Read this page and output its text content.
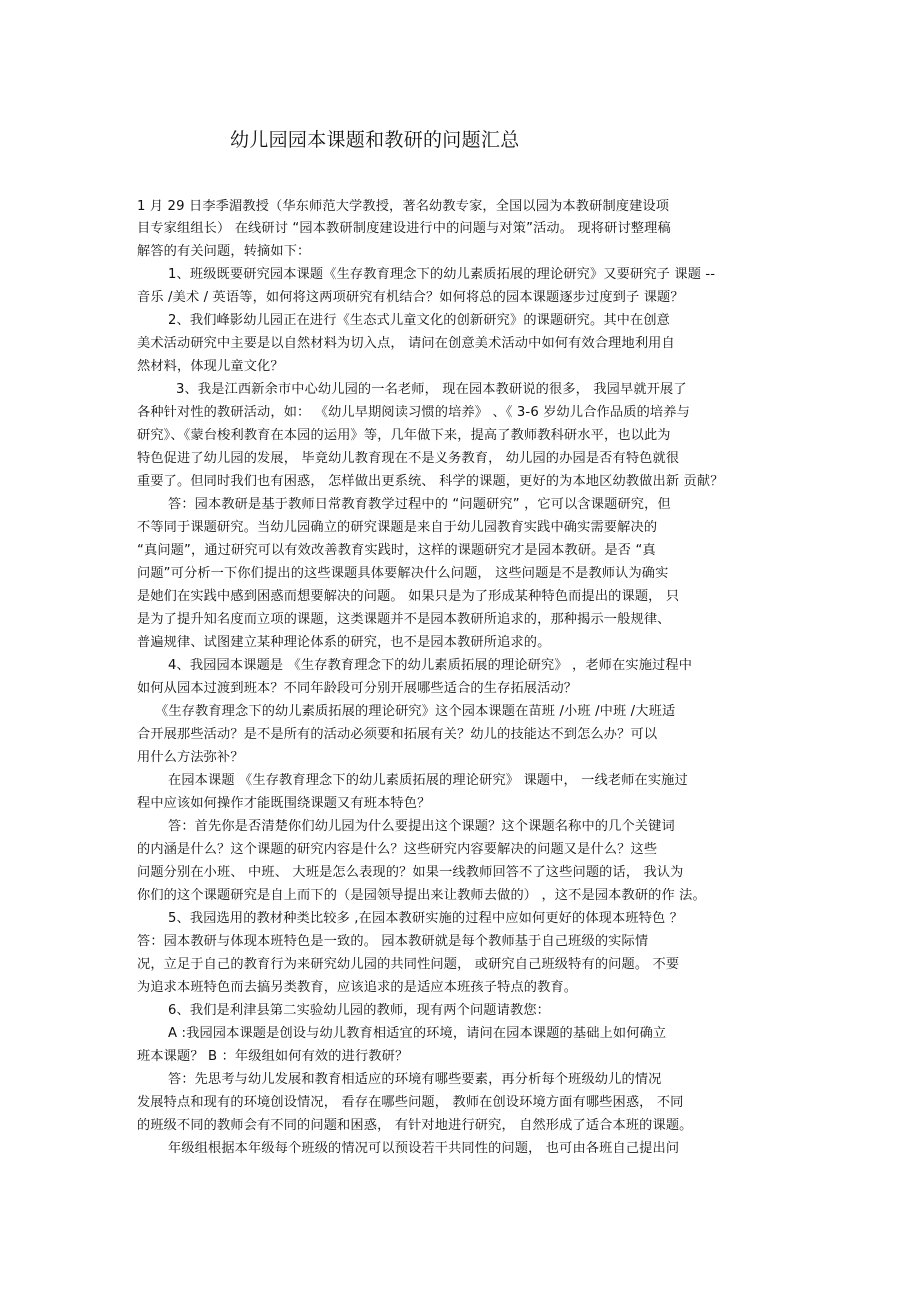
幼儿园园本课题和教研的问题汇总
1 月 29 日李季湄教授（华东师范大学教授，著名幼教专家，全国以园为本教研制度建设项
目专家组组长） 在线研讨 “园本教研制度建设进行中的问题与对策”活动。 现将研讨整理稿
解答的有关问题，转摘如下：
1、班级既要研究园本课题《生存教育理念下的幼儿素质拓展的理论研究》又要研究子 课题 --
音乐 /美术 / 英语等，如何将这两项研究有机结合？如何将总的园本课题逐步过度到子 课题？
2、我们峰影幼儿园正在进行《生态式儿童文化的创新研究》的课题研究。其中在创意
美术活动研究中主要是以自然材料为切入点， 请问在创意美术活动中如何有效合理地利用自
然材料，体现儿童文化？
3、我是江西新余市中心幼儿园的一名老师， 现在园本教研说的很多， 我园早就开展了
各种针对性的教研活动，如： 《幼儿早期阅读习惯的培养》 、《 3-6 岁幼儿合作品质的培养与
研究》、《蒙台梭利教育在本园的运用》等，几年做下来，提高了教师教科研水平，也以此为
特色促进了幼儿园的发展， 毕竟幼儿教育现在不是义务教育， 幼儿园的办园是否有特色就很
重要了。但同时我们也有困惑， 怎样做出更系统、 科学的课题，更好的为本地区幼教做出新 贡献？
答：园本教研是基于教师日常教育教学过程中的 “问题研究” ，它可以含课题研究，但
不等同于课题研究。当幼儿园确立的研究课题是来自于幼儿园教育实践中确实需要解决的
“真问题”，通过研究可以有效改善教育实践时，这样的课题研究才是园本教研。是否 “真
问题”可分析一下你们提出的这些课题具体要解决什么问题， 这些问题是不是教师认为确实
是她们在实践中感到困惑而想要解决的问题。 如果只是为了形成某种特色而提出的课题， 只
是为了提升知名度而立项的课题，这类课题并不是园本教研所追求的，那种揭示一般规律、
普遍规律、试图建立某种理论体系的研究，也不是园本教研所追求的。
4、我园园本课题是 《生存教育理念下的幼儿素质拓展的理论研究》 ，老师在实施过程中
如何从园本过渡到班本？不同年龄段可分别开展哪些适合的生存拓展活动？
《生存教育理念下的幼儿素质拓展的理论研究》这个园本课题在苗班 /小班 /中班 /大班适
合开展那些活动？是不是所有的活动必须要和拓展有关？幼儿的技能达不到怎么办？可以
用什么方法弥补？
在园本课题 《生存教育理念下的幼儿素质拓展的理论研究》 课题中， 一线老师在实施过
程中应该如何操作才能既围绕课题又有班本特色？
答：首先你是否清楚你们幼儿园为什么要提出这个课题？这个课题名称中的几个关键词
的内涵是什么？这个课题的研究内容是什么？这些研究内容要解决的问题又是什么？这些
问题分别在小班、 中班、 大班是怎么表现的？如果一线教师回答不了这些问题的话， 我认为
你们的这个课题研究是自上而下的（是园领导提出来让教师去做的） ，这不是园本教研的作 法。
5、我园选用的教材种类比较多 ,在园本教研实施的过程中应如何更好的体现本班特色 ？
答：园本教研与体现本班特色是一致的。 园本教研就是每个教师基于自己班级的实际情
况，立足于自己的教育行为来研究幼儿园的共同性问题， 或研究自己班级特有的问题。 不要
为追求本班特色而去搞另类教育，应该追求的是适应本班孩子特点的教育。
6、我们是利津县第二实验幼儿园的教师，现有两个问题请教您：
A :我园园本课题是创设与幼儿教育相适宜的环境，请问在园本课题的基础上如何确立
班本课题？ B ：年级组如何有效的进行教研？
答：先思考与幼儿发展和教育相适应的环境有哪些要素，再分析每个班级幼儿的情况
发展特点和现有的环境创设情况， 看存在哪些问题， 教师在创设环境方面有哪些困惑， 不同
的班级不同的教师会有不同的问题和困惑， 有针对地进行研究， 自然形成了适合本班的课题。
年级组根据本年级每个班级的情况可以预设若干共同性的问题， 也可由各班自己提出问
